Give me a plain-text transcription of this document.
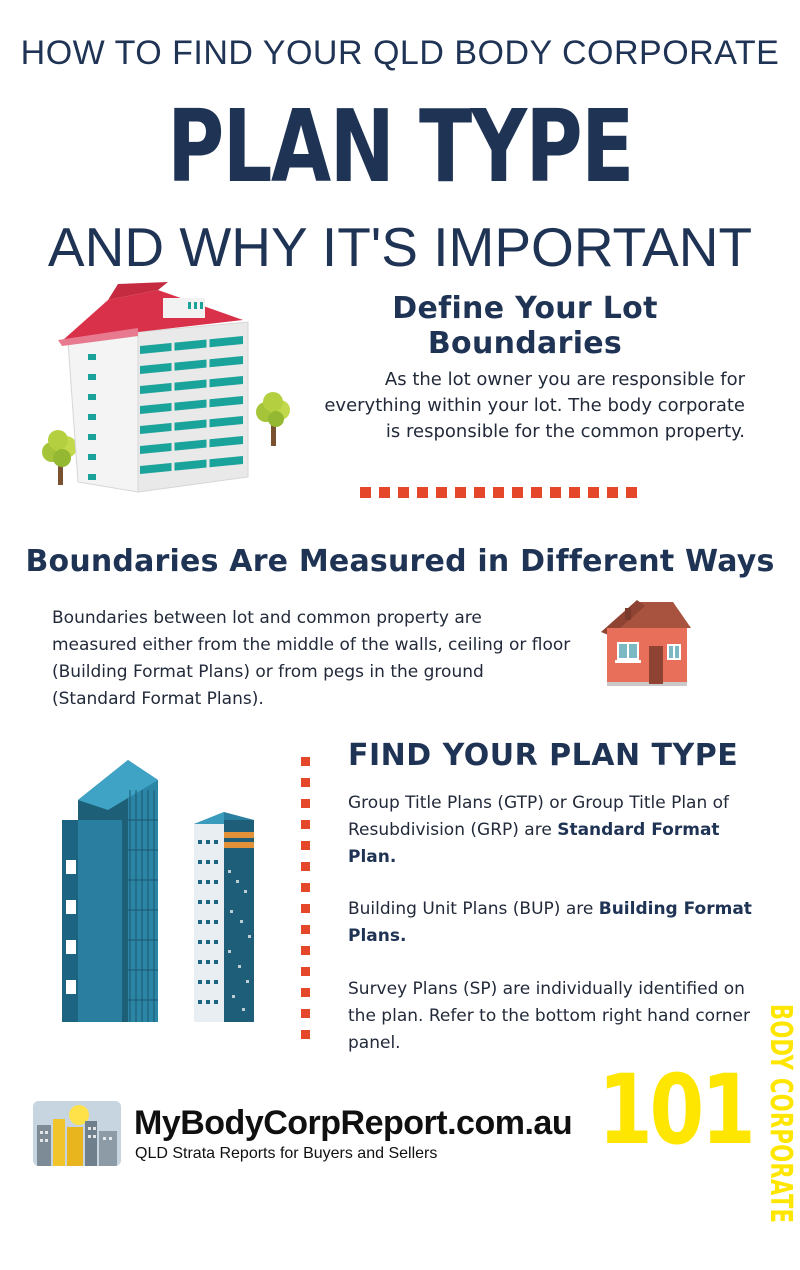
HOW TO FIND YOUR QLD BODY CORPORATE
PLAN TYPE
AND WHY IT'S IMPORTANT
Define Your Lot Boundaries
As the lot owner you are responsible for everything within your lot. The body corporate is responsible for the common property.
Boundaries Are Measured in Different Ways
Boundaries between lot and common property are measured either from the middle of the walls, ceiling or floor (Building Format Plans) or from pegs in the ground (Standard Format Plans).
FIND YOUR PLAN TYPE
Group Title Plans (GTP) or Group Title Plan of Resubdivision (GRP) are Standard Format Plan.
Building Unit Plans (BUP) are Building Format Plans.
Survey Plans (SP) are individually identified on the plan. Refer to the bottom right hand corner panel.	BODY CORPORATE
101
MyBodyCorpReport.com.au
QLD Strata Reports for Buyers and Sellers
